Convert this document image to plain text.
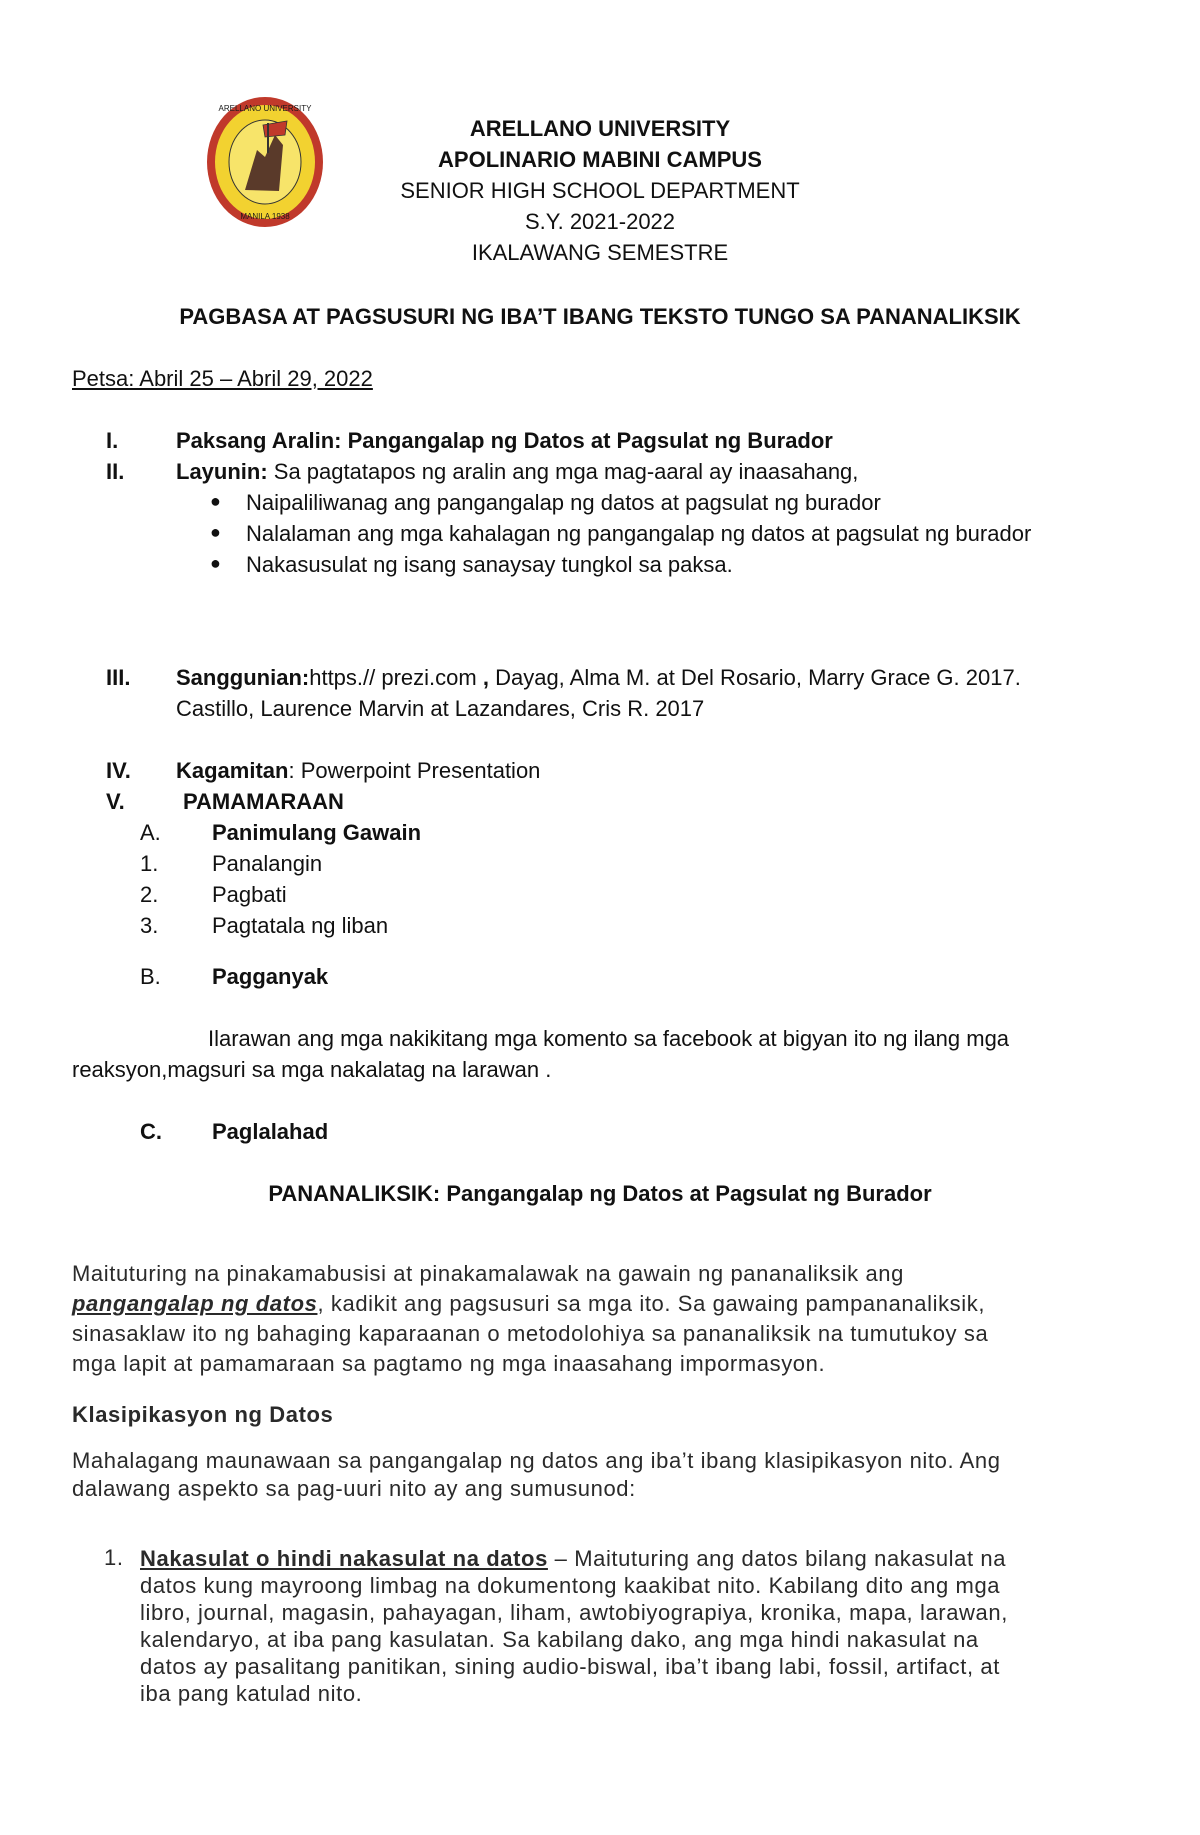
ARELLANO UNIVERSITY
MANILA 1938
ARELLANO UNIVERSITY
APOLINARIO MABINI CAMPUS
SENIOR HIGH SCHOOL DEPARTMENT
S.Y. 2021-2022
IKALAWANG SEMESTRE
PAGBASA AT PAGSUSURI NG IBA’T IBANG TEKSTO TUNGO SA PANANALIKSIK
Petsa: Abril 25 – Abril 29, 2022
I.	Paksang Aralin: Pangangalap ng Datos at Pagsulat ng Burador
II. Layunin: Sa pagtatapos ng aralin ang mga mag-aaral ay inaasahang,
● Naipaliliwanag ang pangangalap ng datos at pagsulat ng burador
● Nalalaman ang mga kahalagan ng pangangalap ng datos at pagsulat ng burador
● Nakasusulat ng isang sanaysay tungkol sa paksa.
III. Sanggunian:https.// prezi.com , Dayag, Alma M. at Del Rosario, Marry Grace G. 2017.
Castillo, Laurence Marvin at Lazandares, Cris R. 2017
IV. Kagamitan: Powerpoint Presentation
V.	PAMAMARAAN
A. Panimulang Gawain
1. Panalangin
2. Pagbati
3. Pagtatala ng liban
B. Pagganyak
Ilarawan ang mga nakikitang mga komento sa facebook at bigyan ito ng ilang mga
reaksyon,magsuri sa mga nakalatag na larawan .
C. Paglalahad
PANANALIKSIK: Pangangalap ng Datos at Pagsulat ng Burador
Maituturing na pinakamabusisi at pinakamalawak na gawain ng pananaliksik ang
pangangalap ng datos, kadikit ang pagsusuri sa mga ito. Sa gawaing pampananaliksik,
sinasaklaw ito ng bahaging kaparaanan o metodolohiya sa pananaliksik na tumutukoy sa
mga lapit at pamamaraan sa pagtamo ng mga inaasahang impormasyon.
Klasipikasyon ng Datos
Mahalagang maunawaan sa pangangalap ng datos ang iba’t ibang klasipikasyon nito. Ang
dalawang aspekto sa pag-uuri nito ay ang sumusunod:
1. Nakasulat o hindi nakasulat na datos – Maituturing ang datos bilang nakasulat na
datos kung mayroong limbag na dokumentong kaakibat nito. Kabilang dito ang mga
libro, journal, magasin, pahayagan, liham, awtobiyograpiya, kronika, mapa, larawan,
kalendaryo, at iba pang kasulatan. Sa kabilang dako, ang mga hindi nakasulat na
datos ay pasalitang panitikan, sining audio-biswal, iba’t ibang labi, fossil, artifact, at
iba pang katulad nito.
